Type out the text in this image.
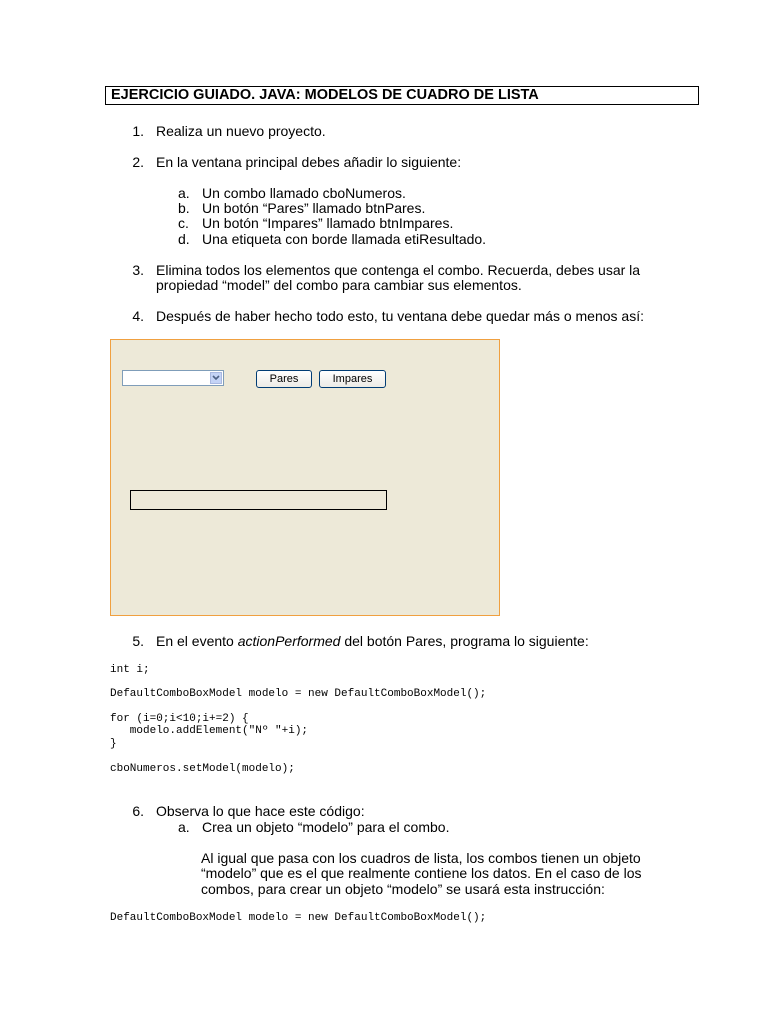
EJERCICIO GUIADO. JAVA: MODELOS DE CUADRO DE LISTA
1. Realiza un nuevo proyecto.
2. En la ventana principal debes añadir lo siguiente:
a. Un combo llamado cboNumeros.
b. Un botón “Pares” llamado btnPares.
c. Un botón “Impares” llamado btnImpares.
d. Una etiqueta con borde llamada etiResultado.
3. Elimina todos los elementos que contenga el combo. Recuerda, debes usar la
propiedad “model” del combo para cambiar sus elementos.
4. Después de haber hecho todo esto, tu ventana debe quedar más o menos así:
Pares	Impares
5. En el evento actionPerformed del botón Pares, programa lo siguiente:
int i;
DefaultComboBoxModel modelo = new DefaultComboBoxModel();
for (i=0;i<10;i+=2) {
modelo.addElement("Nº "+i);
}
cboNumeros.setModel(modelo);
6. Observa lo que hace este código:
a. Crea un objeto “modelo” para el combo.
Al igual que pasa con los cuadros de lista, los combos tienen un objeto
“modelo” que es el que realmente contiene los datos. En el caso de los
combos, para crear un objeto “modelo” se usará esta instrucción:
DefaultComboBoxModel modelo = new DefaultComboBoxModel();
